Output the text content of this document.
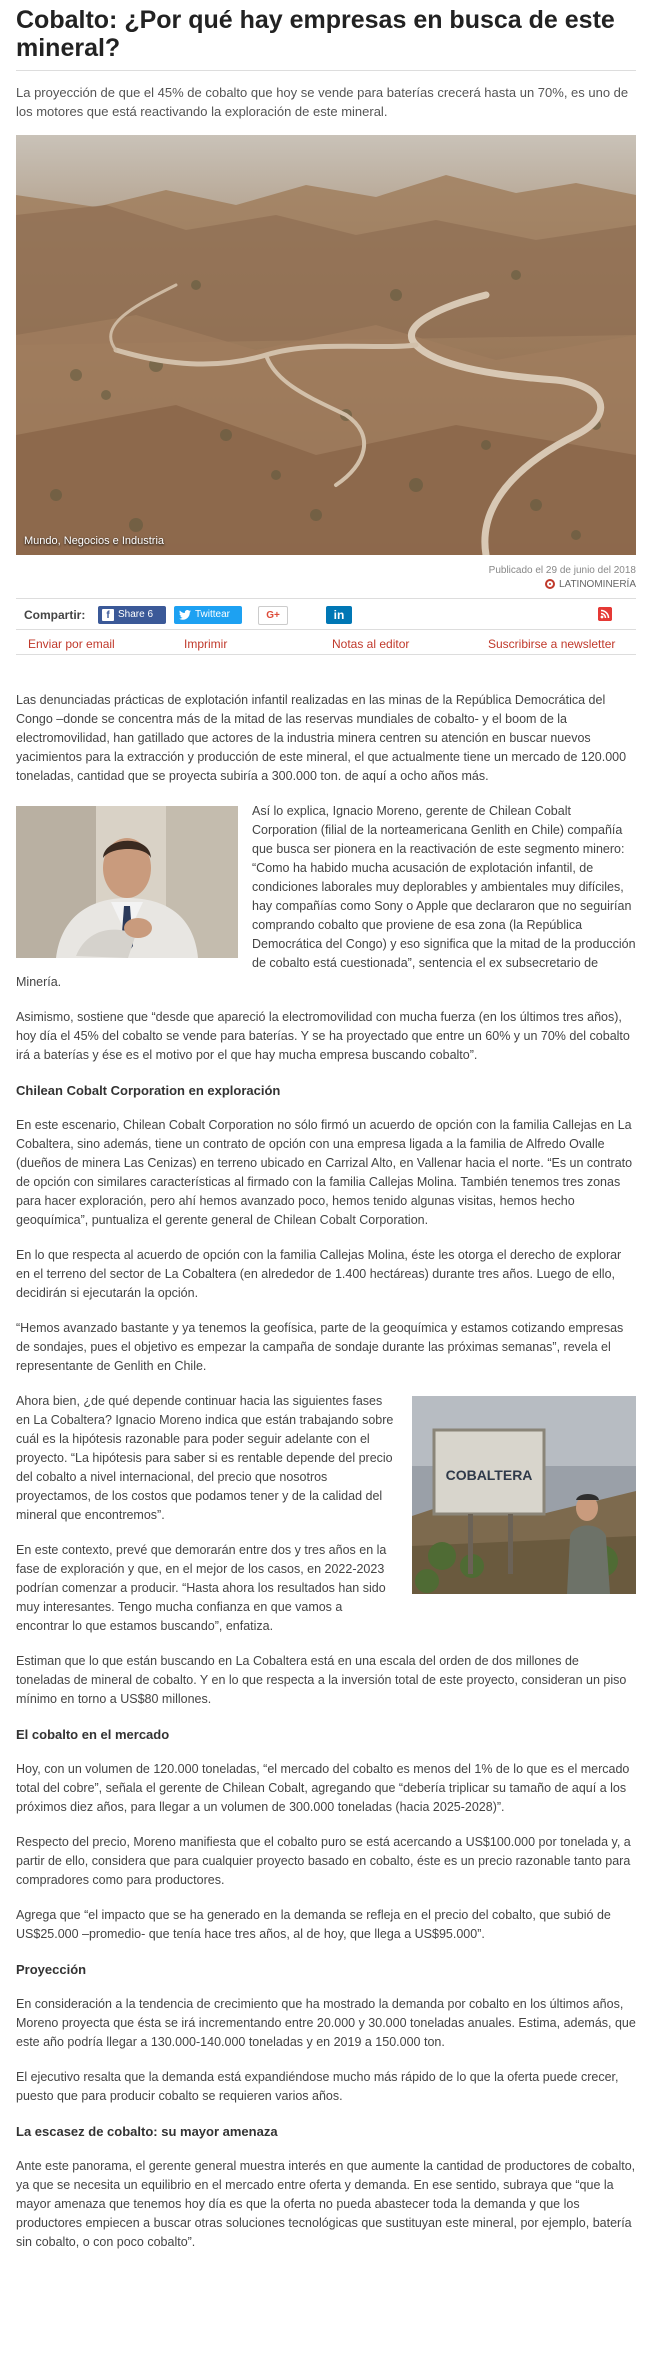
Cobalto: ¿Por qué hay empresas en busca de este mineral?

La proyección de que el 45% de cobalto que hoy se vende para baterías crecerá hasta un 70%, es uno de los motores que está reactivando la exploración de este mineral.

Mundo, Negocios e Industria
Publicado el 29 de junio del 2018
LATINOMINERÍA
Compartir:	f Share 6	Twittear	G+	in
Enviar por email	Imprimir	Notas al editor	Suscribirse a newsletter

Las denunciadas prácticas de explotación infantil realizadas en las minas de la República Democrática del Congo –donde se concentra más de la mitad de las reservas mundiales de cobalto- y el boom de la electromovilidad, han gatillado que actores de la industria minera centren su atención en buscar nuevos yacimientos para la extracción y producción de este mineral, el que actualmente tiene un mercado de 120.000 toneladas, cantidad que se proyecta subiría a 300.000 ton. de aquí a ocho años más.

Así lo explica, Ignacio Moreno, gerente de Chilean Cobalt Corporation (filial de la norteamericana Genlith en Chile) compañía que busca ser pionera en la reactivación de este segmento minero: “Como ha habido mucha acusación de explotación infantil, de condiciones laborales muy deplorables y ambientales muy difíciles, hay compañías como Sony o Apple que declararon que no seguirían comprando cobalto que proviene de esa zona (la República Democrática del Congo) y eso significa que la mitad de la producción de cobalto está cuestionada”, sentencia el ex subsecretario de Minería.

Asimismo, sostiene que “desde que apareció la electromovilidad con mucha fuerza (en los últimos tres años), hoy día el 45% del cobalto se vende para baterías. Y se ha proyectado que entre un 60% y un 70% del cobalto irá a baterías y ése es el motivo por el que hay mucha empresa buscando cobalto”.

Chilean Cobalt Corporation en exploración

En este escenario, Chilean Cobalt Corporation no sólo firmó un acuerdo de opción con la familia Callejas en La Cobaltera, sino además, tiene un contrato de opción con una empresa ligada a la familia de Alfredo Ovalle (dueños de minera Las Cenizas) en terreno ubicado en Carrizal Alto, en Vallenar hacia el norte. “Es un contrato de opción con similares características al firmado con la familia Callejas Molina. También tenemos tres zonas para hacer exploración, pero ahí hemos avanzado poco, hemos tenido algunas visitas, hemos hecho geoquímica”, puntualiza el gerente general de Chilean Cobalt Corporation.

En lo que respecta al acuerdo de opción con la familia Callejas Molina, éste les otorga el derecho de explorar en el terreno del sector de La Cobaltera (en alrededor de 1.400 hectáreas) durante tres años. Luego de ello, decidirán si ejecutarán la opción.

“Hemos avanzado bastante y ya tenemos la geofísica, parte de la geoquímica y estamos cotizando empresas de sondajes, pues el objetivo es empezar la campaña de sondaje durante las próximas semanas”, revela el representante de Genlith en Chile.

COBALTERA

Ahora bien, ¿de qué depende continuar hacia las siguientes fases en La Cobaltera? Ignacio Moreno indica que están trabajando sobre cuál es la hipótesis razonable para poder seguir adelante con el proyecto. “La hipótesis para saber si es rentable depende del precio del cobalto a nivel internacional, del precio que nosotros proyectamos, de los costos que podamos tener y de la calidad del mineral que encontremos”.

En este contexto, prevé que demorarán entre dos y tres años en la fase de exploración y que, en el mejor de los casos, en 2022-2023 podrían comenzar a producir. “Hasta ahora los resultados han sido muy interesantes. Tengo mucha confianza en que vamos a encontrar lo que estamos buscando”, enfatiza.

Estiman que lo que están buscando en La Cobaltera está en una escala del orden de dos millones de toneladas de mineral de cobalto. Y en lo que respecta a la inversión total de este proyecto, consideran un piso mínimo en torno a US$80 millones.

El cobalto en el mercado

Hoy, con un volumen de 120.000 toneladas, “el mercado del cobalto es menos del 1% de lo que es el mercado total del cobre”, señala el gerente de Chilean Cobalt, agregando que “debería triplicar su tamaño de aquí a los próximos diez años, para llegar a un volumen de 300.000 toneladas (hacia 2025-2028)”.

Respecto del precio, Moreno manifiesta que el cobalto puro se está acercando a US$100.000 por tonelada y, a partir de ello, considera que para cualquier proyecto basado en cobalto, éste es un precio razonable tanto para compradores como para productores.

Agrega que “el impacto que se ha generado en la demanda se refleja en el precio del cobalto, que subió de US$25.000 –promedio- que tenía hace tres años, al de hoy, que llega a US$95.000”.

Proyección

En consideración a la tendencia de crecimiento que ha mostrado la demanda por cobalto en los últimos años, Moreno proyecta que ésta se irá incrementando entre 20.000 y 30.000 toneladas anuales. Estima, además, que este año podría llegar a 130.000-140.000 toneladas y en 2019 a 150.000 ton.

El ejecutivo resalta que la demanda está expandiéndose mucho más rápido de lo que la oferta puede crecer, puesto que para producir cobalto se requieren varios años.

La escasez de cobalto: su mayor amenaza

Ante este panorama, el gerente general muestra interés en que aumente la cantidad de productores de cobalto, ya que se necesita un equilibrio en el mercado entre oferta y demanda. En ese sentido, subraya que “que la mayor amenaza que tenemos hoy día es que la oferta no pueda abastecer toda la demanda y que los productores empiecen a buscar otras soluciones tecnológicas que sustituyan este mineral, por ejemplo, batería sin cobalto, o con poco cobalto”.
